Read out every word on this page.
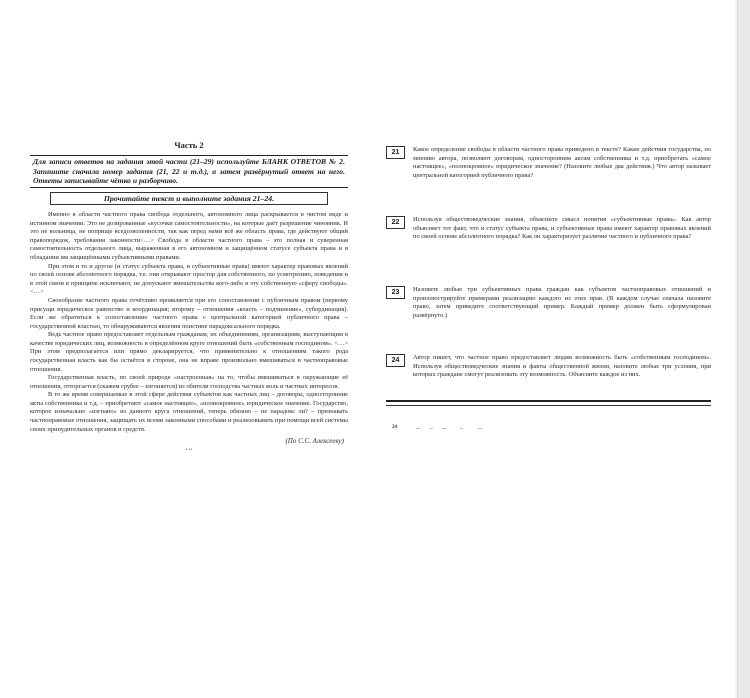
Часть 2
Для записи ответов на задания этой части (21–29) используйте БЛАНК ОТВЕТОВ № 2. Запишите сначала номер задания (21, 22 и т.д.), а затем развёрнутый ответ на него. Ответы записывайте чётко и разборчиво.
Прочитайте текст и выполните задания 21–24.

Именно в области частного права свобода отдельного, автономного лица раскрывается в чистом виде и истинном значении. Это не дозированные «кусочки самостоятельности», на которые даёт разрешение чиновник. И это не вольница, не поприще вседозволенности, так как перед нами всё же область права, где действуют общий правопорядок, требования законности<…> Свобода в области частного права – это полная и суверенная самостоятельность отдельного лица, выраженная в его автономном и защищённом статусе субъекта права и в обладании им защищёнными субъективными правами.

При этом и то и другое (и статус субъекта права, и субъективные права) имеют характер правовых явлений по своей основе абсолютного порядка, т.е. они открывают простор для собственного, по усмотрению, поведения и в этой связи в принципе исключают, не допускают вмешательства кого-либо в эту собственную «сферу свободы». <…>

Своеобразие частного права отчётливо проявляется при его сопоставлении с публичным правом (первому присущи юридическое равенство и координация; второму – отношения «власть – подчинение», субординация). Если же обратиться к сопоставлению частного права с центральной категорией публичного права – государственной властью, то обнаруживаются явления поистине парадоксального порядка.

Ведь частное право предоставляет отдельным гражданам, их объединениям, организациям, выступающим в качестве юридических лиц, возможность в определённом круге отношений быть «собственным господином». <…> При этом предполагается или прямо декларируется, что применительно к отношениям такого рода государственная власть как бы остаётся в стороне, она не вправе произвольно вмешиваться в частноправовые отношения.

Государственная власть, по своей природе «настроенная» на то, чтобы вмешиваться в окружающие её отношения, отторгается (скажем грубее – изгоняется) из обители господства частных воль и частных интересов.

В то же время совершаемые в этой сфере действия субъектов как частных лиц – договоры, односторонние акты собственника и т.д. – приобретают «самое настоящее», «полнокровное» юридическое значение. Государство, которое изначально «изгнано» из данного круга отношений, теперь обязано – не парадокс ли? – признавать частноправовые отношения, защищать их всеми законными способами и реализовывать при помощи всей системы своих принудительных органов и средств.

(По С.С. Алексееву)
• ••
21	Какое определение свободы в области частного права приведено в тексте? Какие действия государства, по мнению автора, позволяют договорам, односторонним актам собственника и т.д. приобретать «самое настоящее», «полнокровное» юридическое значение? (Назовите любые два действия.) Что автор называет центральной категорией публичного права?
22	Используя обществоведческие знания, объясните смысл понятия «субъективные права». Как автор объясняет тот факт, что и статус субъекта права, и субъективные права имеют характер правовых явлений по своей основе абсолютного порядка? Как он характеризует различие частного и публичного права?
23	Назовите любые три субъективных права граждан как субъектов частноправовых отношений и проиллюстрируйте примерами реализацию каждого из этих прав. (В каждом случае сначала назовите право, затем приведите соответствующий пример. Каждый пример должен быть сформулирован развёрнуто.)
24	Автор пишет, что частное право предоставляет людям возможность быть «собственным господином». Используя обществоведческие знания и факты общественной жизни, назовите любые три условия, при которых граждане смогут реализовать эту возможность. Объясните каждое из них.
24
